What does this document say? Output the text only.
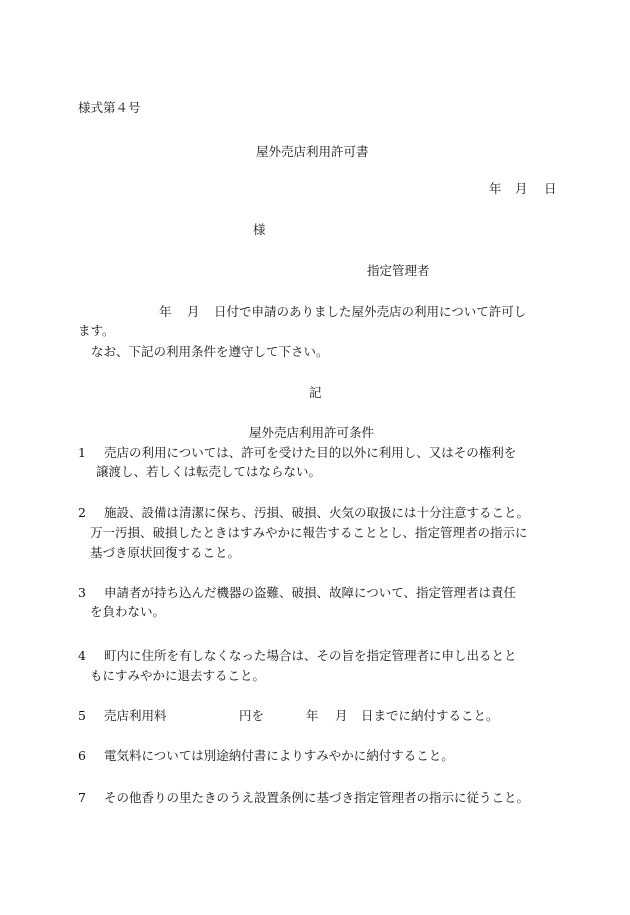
様式第４号

屋外売店利用許可書

年 月 日

様

指定管理者

年 月 日付で申請のありました屋外売店の利用について許可し
ます。
なお、下記の利用条件を遵守して下さい。

記

屋外売店利用許可条件

1 売店の利用については、許可を受けた目的以外に利用し、又はその権利を
譲渡し、若しくは転売してはならない。
2 施設、設備は清潔に保ち、汚損、破損、火気の取扱には十分注意すること。
万一汚損、破損したときはすみやかに報告することとし、指定管理者の指示に
基づき原状回復すること。
3 申請者が持ち込んだ機器の盗難、破損、故障について、指定管理者は責任
を負わない。
4 町内に住所を有しなくなった場合は、その旨を指定管理者に申し出るとと
もにすみやかに退去すること。
5 売店利用料	円を	年 月 日までに納付すること。
6 電気料については別途納付書によりすみやかに納付すること。
7 その他香りの里たきのうえ設置条例に基づき指定管理者の指示に従うこと。
